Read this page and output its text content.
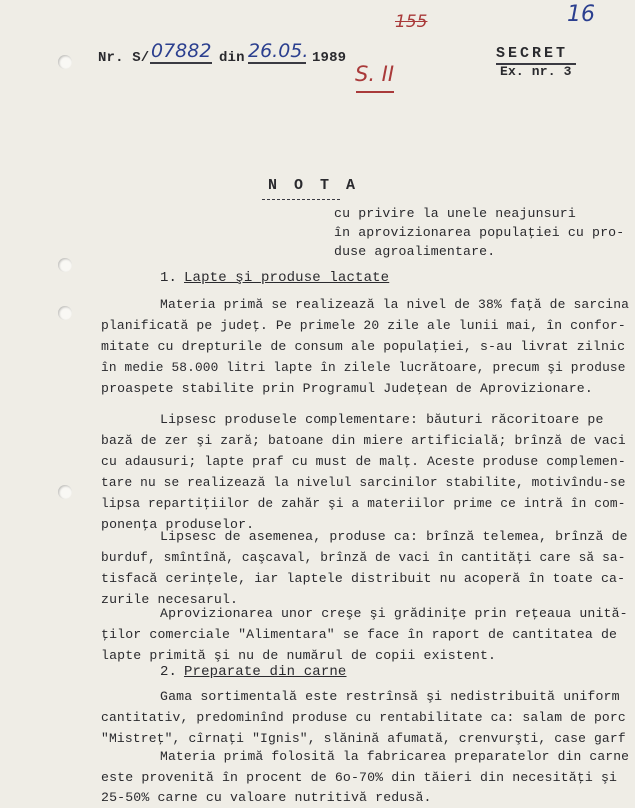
155	16
S. II
Nr. S/ 07882 din 26.05. 1989	SECRET
Ex. nr. 3
N O T A
cu privire la unele neajunsuri
în aprovizionarea populaţiei cu pro-
duse agroalimentare.
1. Lapte şi produse lactate
Materia primă se realizează la nivel de 38% faţă de sarcina
planificată pe judeţ. Pe primele 20 zile ale lunii mai, în confor-
mitate cu drepturile de consum ale populaţiei, s-au livrat zilnic
în medie 58.000 litri lapte în zilele lucrătoare, precum şi produse
proaspete stabilite prin Programul Judeţean de Aprovizionare.
Lipsesc produsele complementare: băuturi răcoritoare pe
bază de zer şi zară; batoane din miere artificială; brînză de vaci
cu adausuri; lapte praf cu must de malţ. Aceste produse complemen-
tare nu se realizează la nivelul sarcinilor stabilite, motivîndu-se
lipsa repartiţiilor de zahăr şi a materiilor prime ce intră în com-
ponenţa produselor.
Lipsesc de asemenea, produse ca: brînză telemea, brînză de
burduf, smîntînă, caşcaval, brînză de vaci în cantităţi care să sa-
tisfacă cerinţele, iar laptele distribuit nu acoperă în toate ca-
zurile necesarul.
Aprovizionarea unor creşe şi grădiniţe prin reţeaua unită-
ţilor comerciale "Alimentara" se face în raport de cantitatea de
lapte primită şi nu de numărul de copii existent.
2. Preparate din carne
Gama sortimentală este restrînsă şi nedistribuită uniform
cantitativ, predominînd produse cu rentabilitate ca: salam de porc
"Mistreţ", cîrnaţi "Ignis", slănină afumată, crenvurşti, case garf
Materia primă folosită la fabricarea preparatelor din carne
este provenită în procent de 6o-70% din tăieri din necesităţi şi
25-50% carne cu valoare nutritivă redusă.
